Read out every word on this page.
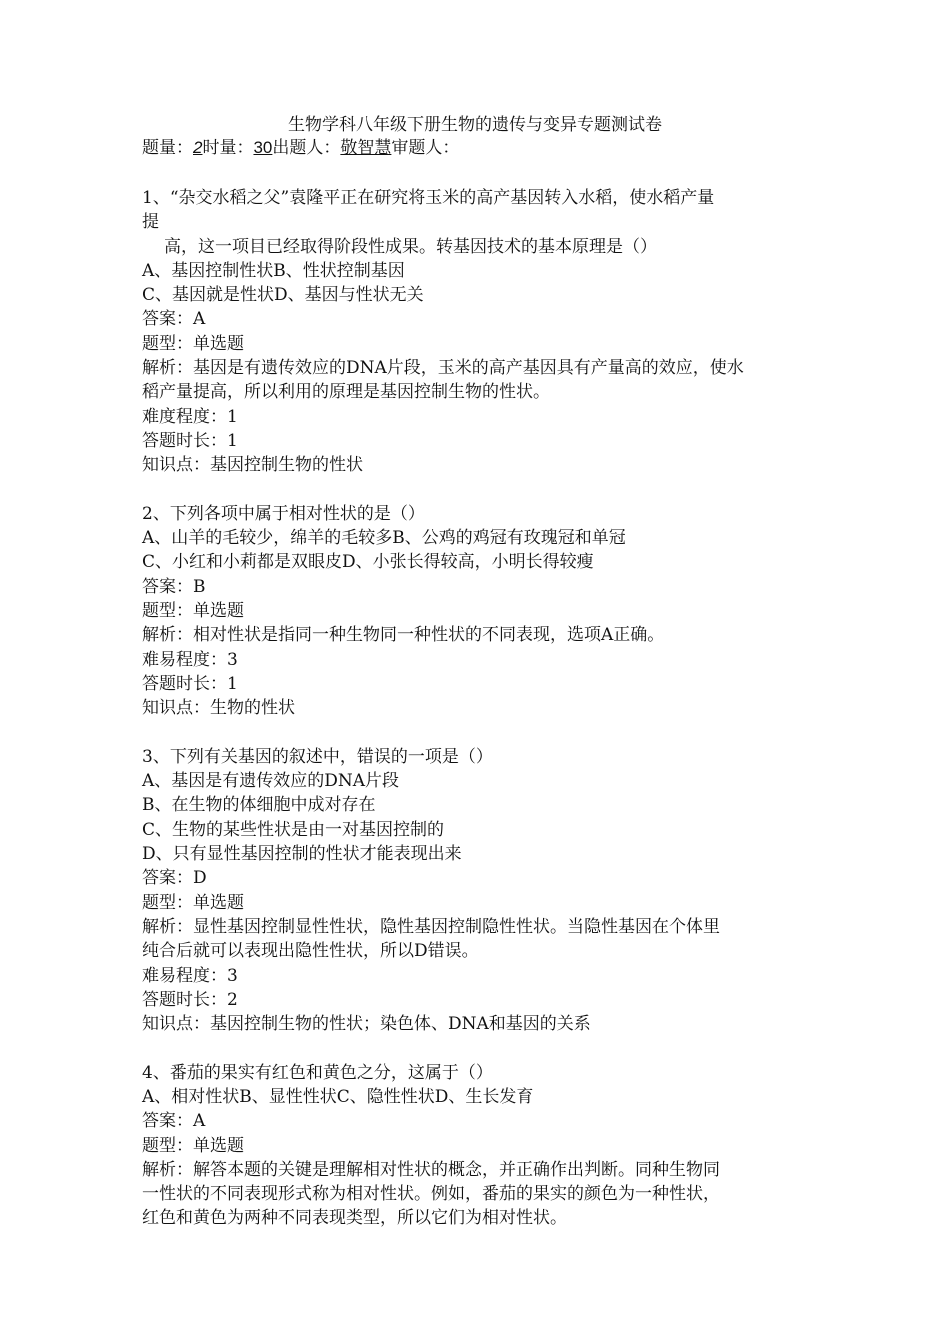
生物学科八年级下册生物的遗传与变异专题测试卷
题量：2时量：30出题人：敬智慧审题人：
1、“杂交水稻之父”袁隆平正在研究将玉米的高产基因转入水稻，使水稻产量
提
高，这一项目已经取得阶段性成果。转基因技术的基本原理是（）
A、基因控制性状B、性状控制基因
C、基因就是性状D、基因与性状无关
答案：A
题型：单选题
解析：基因是有遗传效应的DNA片段，玉米的高产基因具有产量高的效应，使水
稻产量提高，所以利用的原理是基因控制生物的性状。
难度程度：1
答题时长：1
知识点：基因控制生物的性状
2、下列各项中属于相对性状的是（）
A、山羊的毛较少，绵羊的毛较多B、公鸡的鸡冠有玫瑰冠和单冠
C、小红和小莉都是双眼皮D、小张长得较高，小明长得较瘦
答案：B
题型：单选题
解析：相对性状是指同一种生物同一种性状的不同表现，选项A正确。
难易程度：3
答题时长：1
知识点：生物的性状
3、下列有关基因的叙述中，错误的一项是（）
A、基因是有遗传效应的DNA片段
B、在生物的体细胞中成对存在
C、生物的某些性状是由一对基因控制的
D、只有显性基因控制的性状才能表现出来
答案：D
题型：单选题
解析：显性基因控制显性性状，隐性基因控制隐性性状。当隐性基因在个体里
纯合后就可以表现出隐性性状，所以D错误。
难易程度：3
答题时长：2
知识点：基因控制生物的性状；染色体、DNA和基因的关系
4、番茄的果实有红色和黄色之分，这属于（）
A、相对性状B、显性性状C、隐性性状D、生长发育
答案：A
题型：单选题
解析：解答本题的关键是理解相对性状的概念，并正确作出判断。同种生物同
一性状的不同表现形式称为相对性状。例如，番茄的果实的颜色为一种性状，
红色和黄色为两种不同表现类型，所以它们为相对性状。
